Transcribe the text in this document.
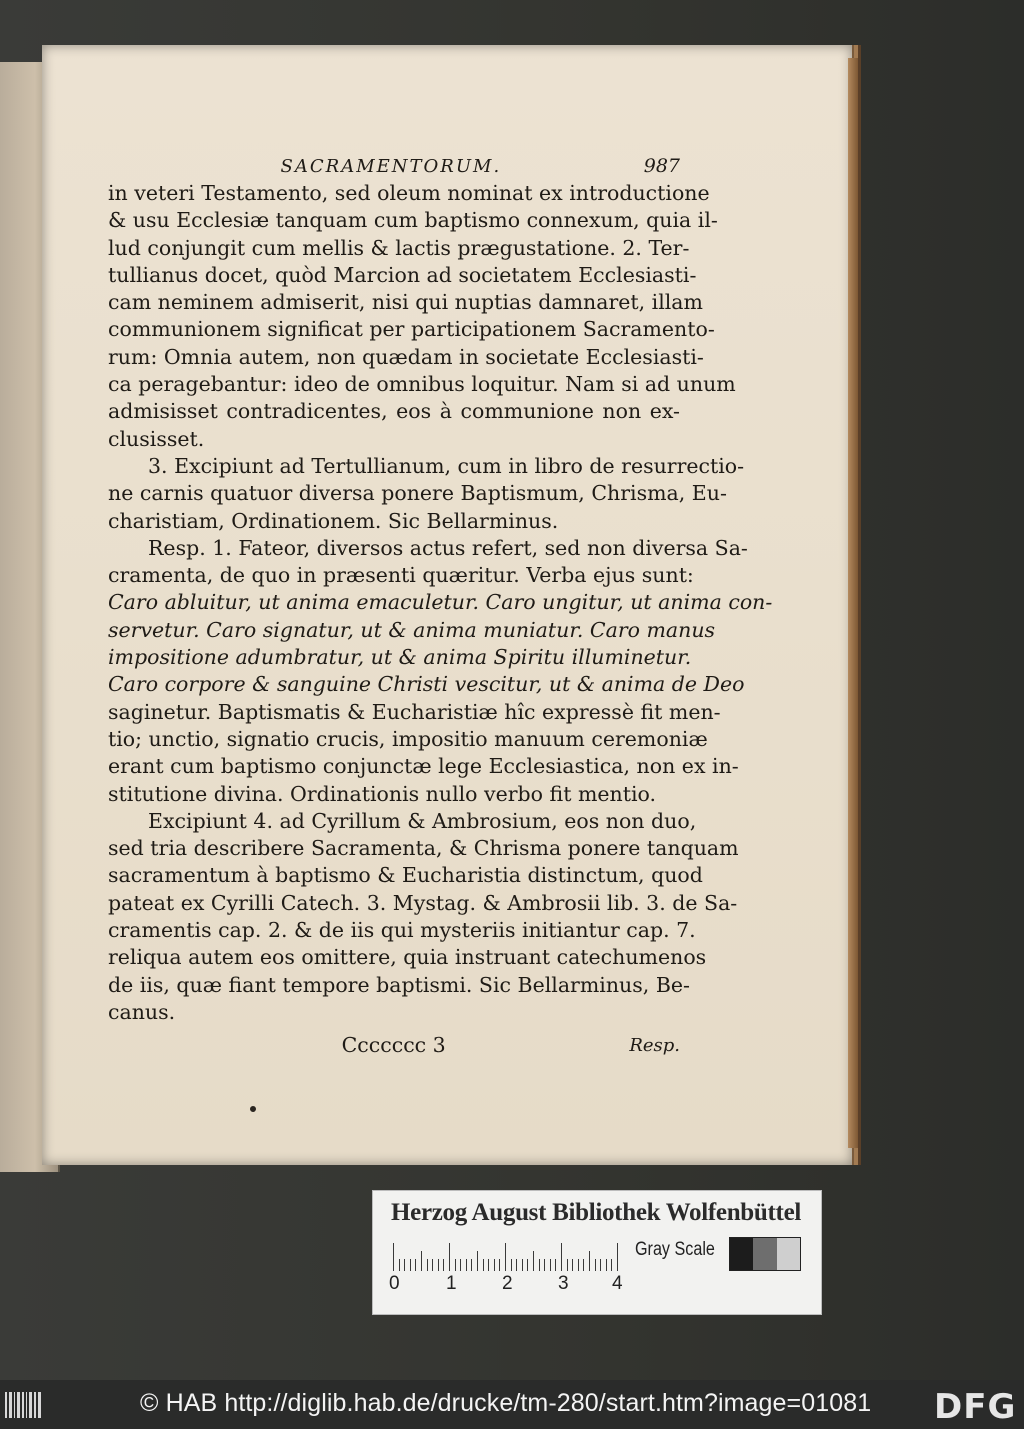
SACRAMENTORUM.	987
in veteri Testamento, sed oleum nominat ex introductione
& usu Ecclesiæ tanquam cum baptismo connexum, quia il-
lud conjungit cum mellis & lactis prægustatione. 2. Ter-
tullianus docet, quòd Marcion ad societatem Ecclesiasti-
cam neminem admiserit, nisi qui nuptias damnaret, illam
communionem significat per participationem Sacramento-
rum: Omnia autem, non quædam in societate Ecclesiasti-
ca peragebantur: ideo de omnibus loquitur. Nam si ad unum
admisisset contradicentes, eos à communione non ex-
clusisset.
3. Excipiunt ad Tertullianum, cum in libro de resurrectio-
ne carnis quatuor diversa ponere Baptismum, Chrisma, Eu-
charistiam, Ordinationem. Sic Bellarminus.
Resp. 1. Fateor, diversos actus refert, sed non diversa Sa-
cramenta, de quo in præsenti quæritur. Verba ejus sunt:
Caro abluitur, ut anima emaculetur. Caro ungitur, ut anima con-
servetur. Caro signatur, ut & anima muniatur. Caro manus
impositione adumbratur, ut & anima Spiritu illuminetur.
Caro corpore & sanguine Christi vescitur, ut & anima de Deo
saginetur. Baptismatis & Eucharistiæ hîc expressè fit men-
tio; unctio, signatio crucis, impositio manuum ceremoniæ
erant cum baptismo conjunctæ lege Ecclesiastica, non ex in-
stitutione divina. Ordinationis nullo verbo fit mentio.
Excipiunt 4. ad Cyrillum & Ambrosium, eos non duo,
sed tria describere Sacramenta, & Chrisma ponere tanquam
sacramentum à baptismo & Eucharistia distinctum, quod
pateat ex Cyrilli Catech. 3. Mystag. & Ambrosii lib. 3. de Sa-
cramentis cap. 2. & de iis qui mysteriis initiantur cap. 7.
reliqua autem eos omittere, quia instruant catechumenos
de iis, quæ fiant tempore baptismi. Sic Bellarminus, Be-
canus.
Ccccccc 3	Resp.
Herzog August Bibliothek Wolfenbüttel
0 1 2 3 4
Gray Scale
© HAB http://diglib.hab.de/drucke/tm-280/start.htm?image=01081 DFG
